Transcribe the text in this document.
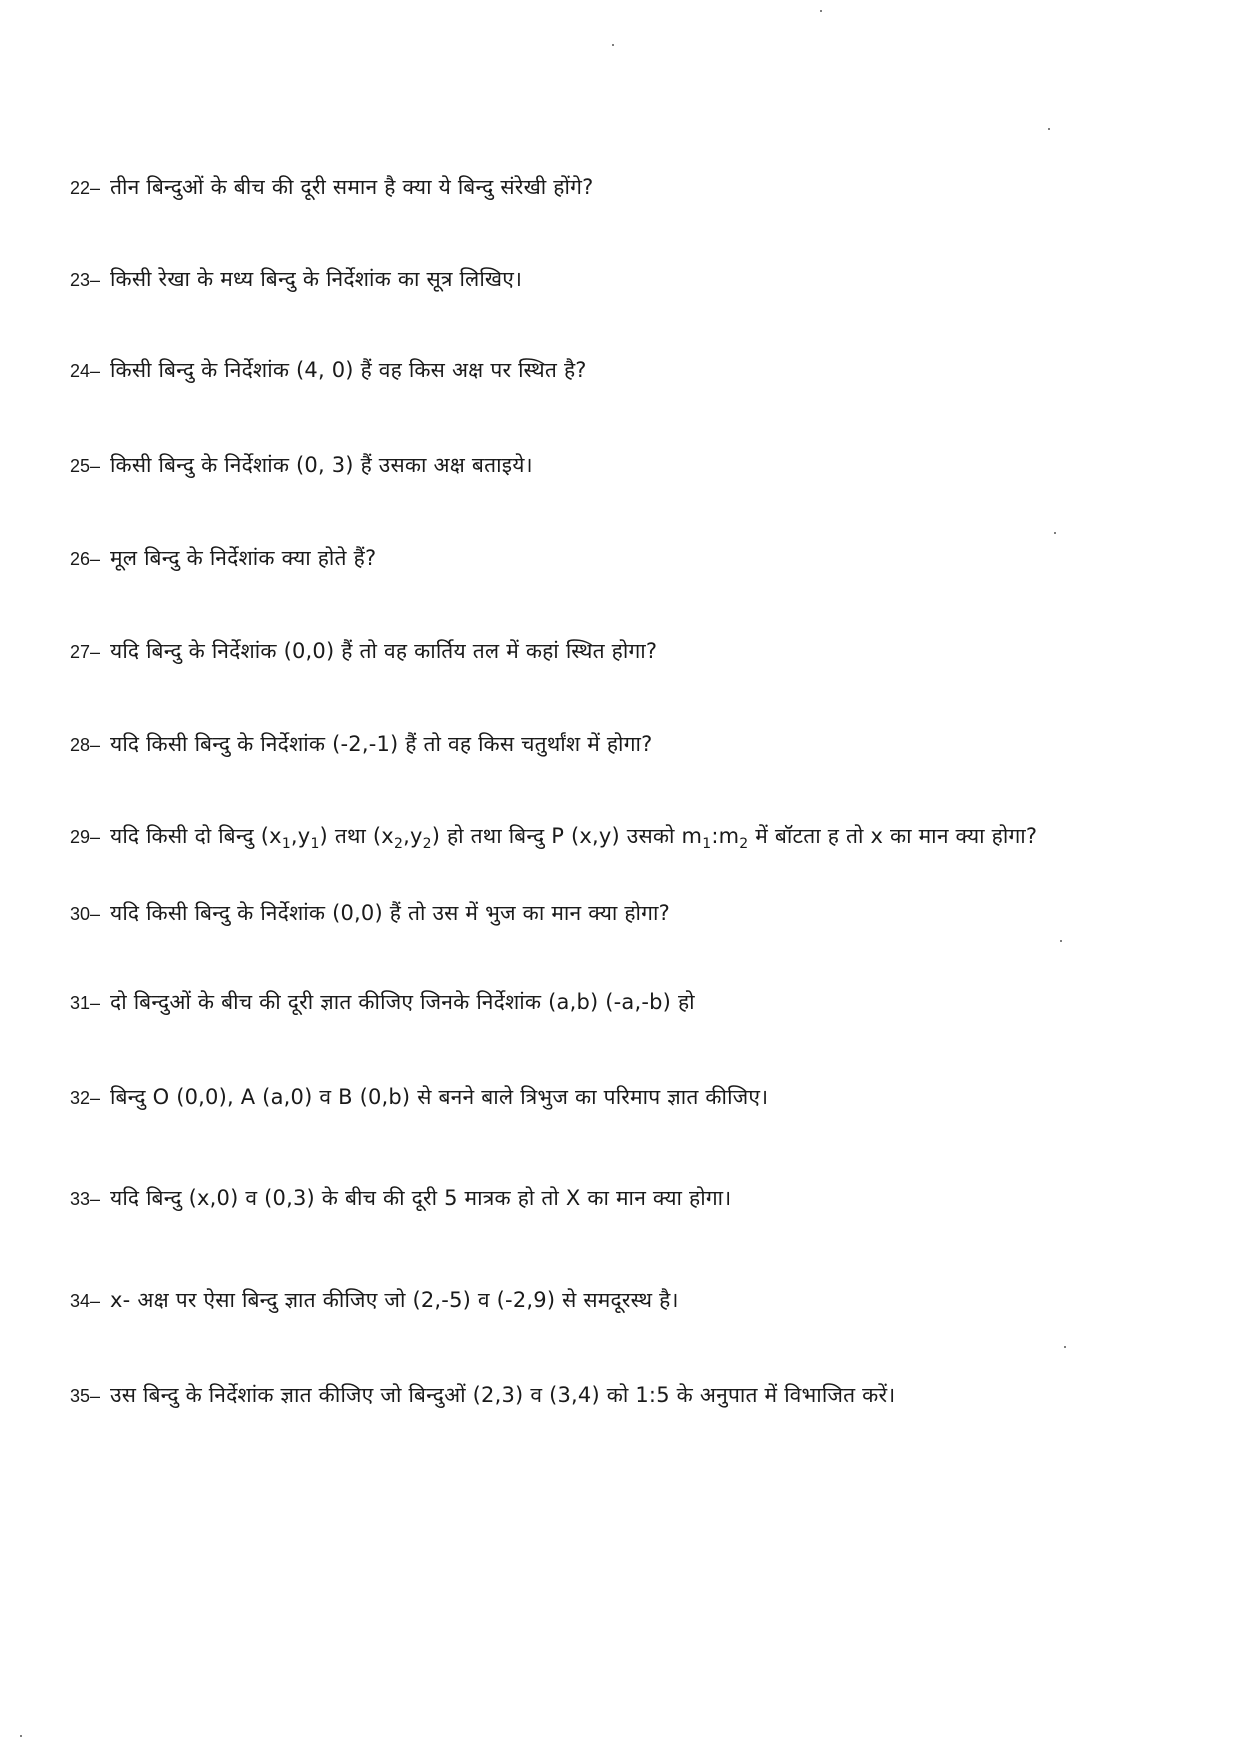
22– तीन बिन्दुओं के बीच की दूरी समान है क्या ये बिन्दु संरेखी होंगे?
23– किसी रेखा के मध्य बिन्दु के निर्देशांक का सूत्र लिखिए।
24– किसी बिन्दु के निर्देशांक (4, 0) हैं वह किस अक्ष पर स्थित है?
25– किसी बिन्दु के निर्देशांक (0, 3) हैं उसका अक्ष बताइये।
26– मूल बिन्दु के निर्देशांक क्या होते हैं?
27– यदि बिन्दु के निर्देशांक (0,0) हैं तो वह कार्तिय तल में कहां स्थित होगा?
28– यदि किसी बिन्दु के निर्देशांक (-2,-1) हैं तो वह किस चतुर्थांश में होगा?
29– यदि किसी दो बिन्दु $(x_1,y_1)$ तथा $(x_2,y_2)$ हो तथा बिन्दु P (x,y) उसको $m_1:m_2$ में बॉटता ह तो x का मान क्या होगा?
30– यदि किसी बिन्दु के निर्देशांक (0,0) हैं तो उस में भुज का मान क्या होगा?
31– दो बिन्दुओं के बीच की दूरी ज्ञात कीजिए जिनके निर्देशांक (a,b) (-a,-b) हो
32– बिन्दु O (0,0), A (a,0) व B (0,b) से बनने बाले त्रिभुज का परिमाप ज्ञात कीजिए।
33– यदि बिन्दु (x,0) व (0,3) के बीच की दूरी 5 मात्रक हो तो X का मान क्या होगा।
34– x- अक्ष पर ऐसा बिन्दु ज्ञात कीजिए जो (2,-5) व (-2,9) से समदूरस्थ है।
35– उस बिन्दु के निर्देशांक ज्ञात कीजिए जो बिन्दुओं (2,3) व (3,4) को 1:5 के अनुपात में विभाजित करें।
